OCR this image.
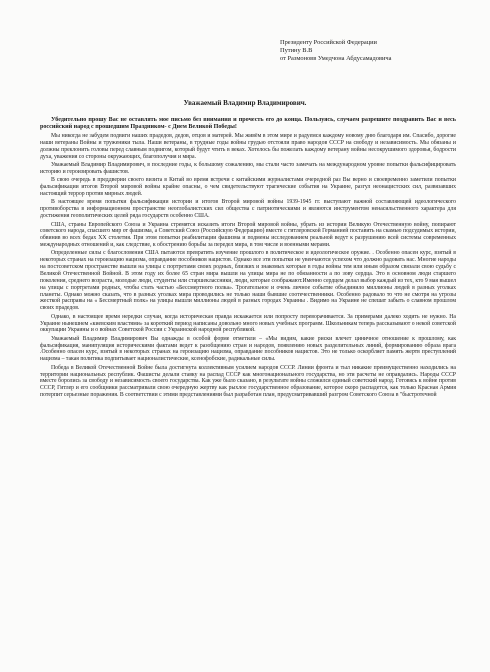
Президенту Российской Федерации
Путину В.В
от Размоновв Умедчона Абдусамадовича
Уважаемый Владимир Владимирович.

Убедительно прошу Вас не оставлять мое письмо без внимания и прочесть его до конца. Пользуясь, случаем разрешите поздравить Вас и весь российский народ с прошедшим Праздником- с Днем Великой Победы!

Мы никогда не забудем подвиги наших прадедов, дедов, отцов и матерей. Мы живём в этом мире и радуемся каждому новому дню благодаря им. Спасибо, дорогие наши ветераны Войны и труженики тыла. Наши ветераны, в трудные годы войны грудью отстояли право народов СССР на свободу и независимость. Мы обязаны и должны преклонить головы перед славным подвигом, который будут чтить в веках. Хотелось бы пожелать каждому ветерану войны несокрушимого здоровья, бодрости духа, уважения со стороны окружающих, благополучия и мира.

Уважаемый Владимир Владимирович, в последние годы, к большому сожалению, мы стали часто замечать на международном уровне попытки фальсифицировать историю и героизировать фашистов.

В свою очередь в преддверии своего визита в Китай во время встречи с китайскими журналистами очередной раз Вы верно и своевременно заметили попытки фальсификации итогов Второй мировой войны крайне опасны, о чем свидетельствуют трагические события на Украине, разгул неонацистских сил, развязавших настоящий террор против мирных людей.

В настоящее время попытки фальсификации истории и итогов Второй мировой войны 1939-1945 гг. выступают важной составляющей идеологического противоборства в информационном пространстве неоглобалистских сил общества с патриотическими и являются инструментом ненасильственного характера для достижения геополитических целей ряда государств особенно США.

США, страны Европейского Союза и Украина стремятся исказить итоги Второй мировой войны, убрать из истории Великую Отечественную войну, попирают советского народа, спасшего мир от фашизма, а Советский Союз (Российскую Федерацию) вместе с гитлеровской Германией поставить на скамью подсудимых истории, обвинив во всех бедах XX столетия. При этом попытки реабилитации фашизма и подмены исследованием реальной ведут к разрушению всей системы современных международных отношений и, как следствие, к обострению борьбы за передел мира, в том числе и военными мерами.

Определенные силы с благословения США пытаются превратить изучение прошлого в политическое и идеологическое оружие. . Особенно опасен курс, взятый в некоторых странах на героизацию нацизма, оправдание пособников нацистов. Однако все эти попытки не увенчаются успехом что должно радовать нас. Многие народы на постсоветском пространстве вышли на улицы с портретами своих родных, близких и знакомых которые в годы войны тем или иным образом связали свою судьбу с Великой Отечественной Войной. В этом году их более 65 стран мира вышли на улицы мира не по обязанности а по зову сердца. Это в основном люди старшего поколения, среднего возраста, молодые люди, студенты или старшеклассники, люди, которые соображают.Именно сердцем делал выбор каждый из тех, кто 9 мая вышел на улицы с портретами родных, чтобы стать частью «Бессмертного полка». Трогательное и очень личное событие объединило миллионы людей в разных уголках планеты. Однако можно сказать, что в разных уголках мира проводились не только наши бывшие соотечественники. Особенно радовало то что не смотря на угрозы жесткой расправы на « Бессмертный полк» на улицы вышли миллионы людей в разных городах Украины . Видимо на Украине не спешат забыть о славном прошлом своих прадедов.

Однако, в настоящее время нередки случаи, когда историческая правда искажается или попросту переворачивается. За примерами далеко ходить не нужно. На Украине нынешнем «киевским властями» за короткий период написаны довольно много новых учебных программ. Школьникам теперь рассказывают о некой советской оккупации Украины и о войнах Советской России с Украинской народной республикой.

Уважаемый Владимир Владимирович Вы однажды в особой форме отметили – «Мы видим, какие риски влечет циничное отношение к прошлому, как фальсификация, манипуляция историческими фактами ведет к разобщению стран и народов, появлению новых разделительных линий, формированию образа врага .Особенно опасен курс, взятый в некоторых странах на героизацию нацизма, оправдание пособников нацистов. Это не только оскорбляет память жертв преступлений нацизма – такая политика подпитывает националистические, ксенофобские, радикальные силы.

Победа в Великой Отечественной Войне была достигнута коллективным усилием народов СССР. Линии фронта и тыл никакие преимущественно находились на территории национальных республик. Фашисты делали ставку на распад СССР как многонационального государства, но эти расчеты не оправдались. Народы СССР вместе боролись за свободу и независимость своего государства. Как уже было сказано, в результате войны сложился единый советский народ. Готовясь к войне против СССР, Гитлер и его сообщники рассматривали свою очередную жертву как рыхлое государственное образование, которое скоро распадется, как только Красная Армия потерпит серьезные поражения. В соответствии с этими представлениями был разработан план, предусматривавший разгром Советского Союза в "быстротечной
